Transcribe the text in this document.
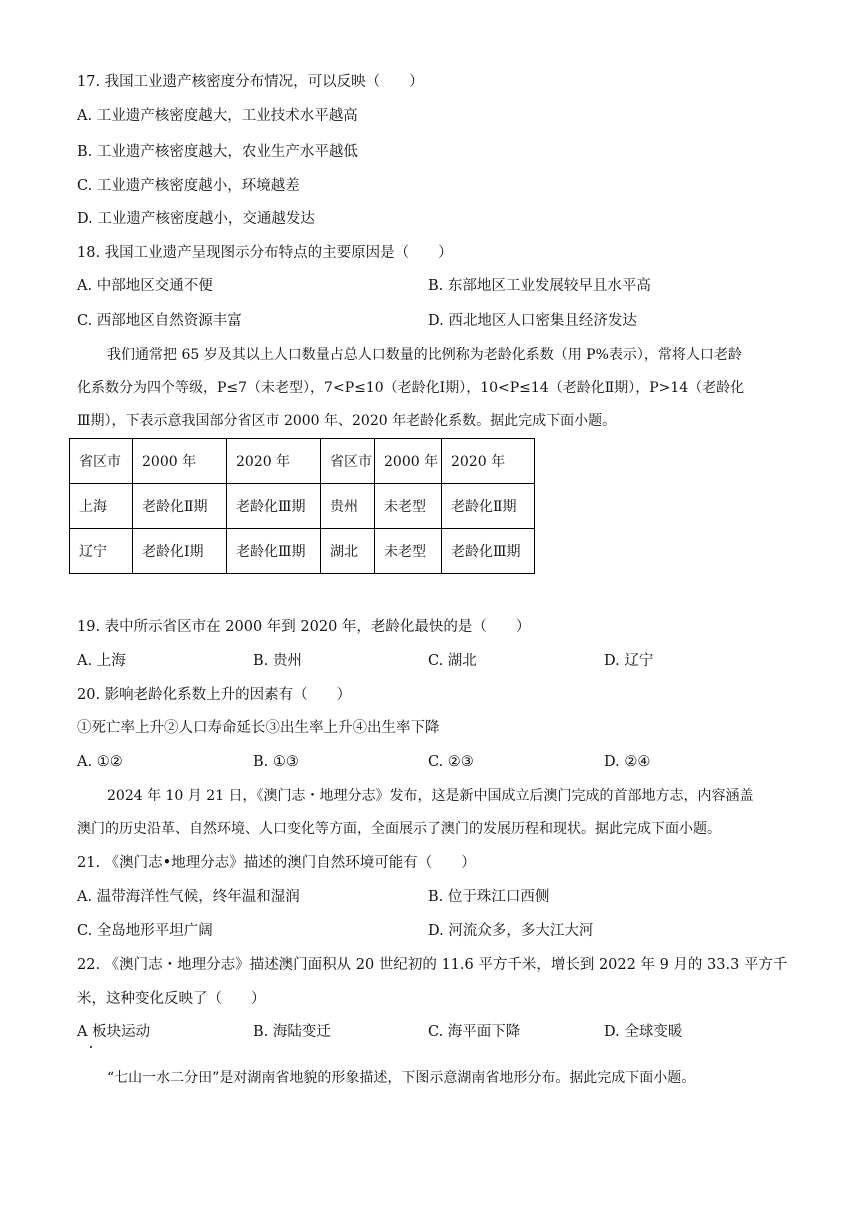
17. 我国工业遗产核密度分布情况，可以反映（　　）
A. 工业遗产核密度越大，工业技术水平越高
B. 工业遗产核密度越大，农业生产水平越低
C. 工业遗产核密度越小，环境越差
D. 工业遗产核密度越小，交通越发达
18. 我国工业遗产呈现图示分布特点的主要原因是（　　）
A. 中部地区交通不便	B. 东部地区工业发展较早且水平高
C. 西部地区自然资源丰富	D. 西北地区人口密集且经济发达
我们通常把 65 岁及其以上人口数量占总人口数量的比例称为老龄化系数（用 P%表示），常将人口老龄
化系数分为四个等级，P≤7（未老型），7<P≤10（老龄化Ⅰ期），10<P≤14（老龄化Ⅱ期），P>14（老龄化
Ⅲ期），下表示意我国部分省区市 2000 年、2020 年老龄化系数。据此完成下面小题。
省区市	2000 年	2020 年	省区市	2000 年	2020 年
上海	老龄化Ⅱ期	老龄化Ⅲ期	贵州	未老型	老龄化Ⅱ期
辽宁	老龄化Ⅰ期	老龄化Ⅲ期	湖北	未老型	老龄化Ⅲ期
19. 表中所示省区市在 2000 年到 2020 年，老龄化最快的是（　　）
A. 上海	B. 贵州	C. 湖北	D. 辽宁
20. 影响老龄化系数上升的因素有（　　）
①死亡率上升②人口寿命延长③出生率上升④出生率下降
A. ①②	B. ①③	C. ②③	D. ②④
2024 年 10 月 21 日，《澳门志・地理分志》发布，这是新中国成立后澳门完成的首部地方志，内容涵盖
澳门的历史沿革、自然环境、人口变化等方面，全面展示了澳门的发展历程和现状。据此完成下面小题。
21. 《澳门志•地理分志》描述的澳门自然环境可能有（　　）
A. 温带海洋性气候，终年温和湿润	B. 位于珠江口西侧
C. 全岛地形平坦广阔	D. 河流众多，多大江大河
22. 《澳门志・地理分志》描述澳门面积从 20 世纪初的 11.6 平方千米，增长到 2022 年 9 月的 33.3 平方千
米，这种变化反映了（　　）
A 板块运动	B. 海陆变迁	C. 海平面下降	D. 全球变暖
“七山一水二分田”是对湖南省地貌的形象描述，下图示意湖南省地形分布。据此完成下面小题。
